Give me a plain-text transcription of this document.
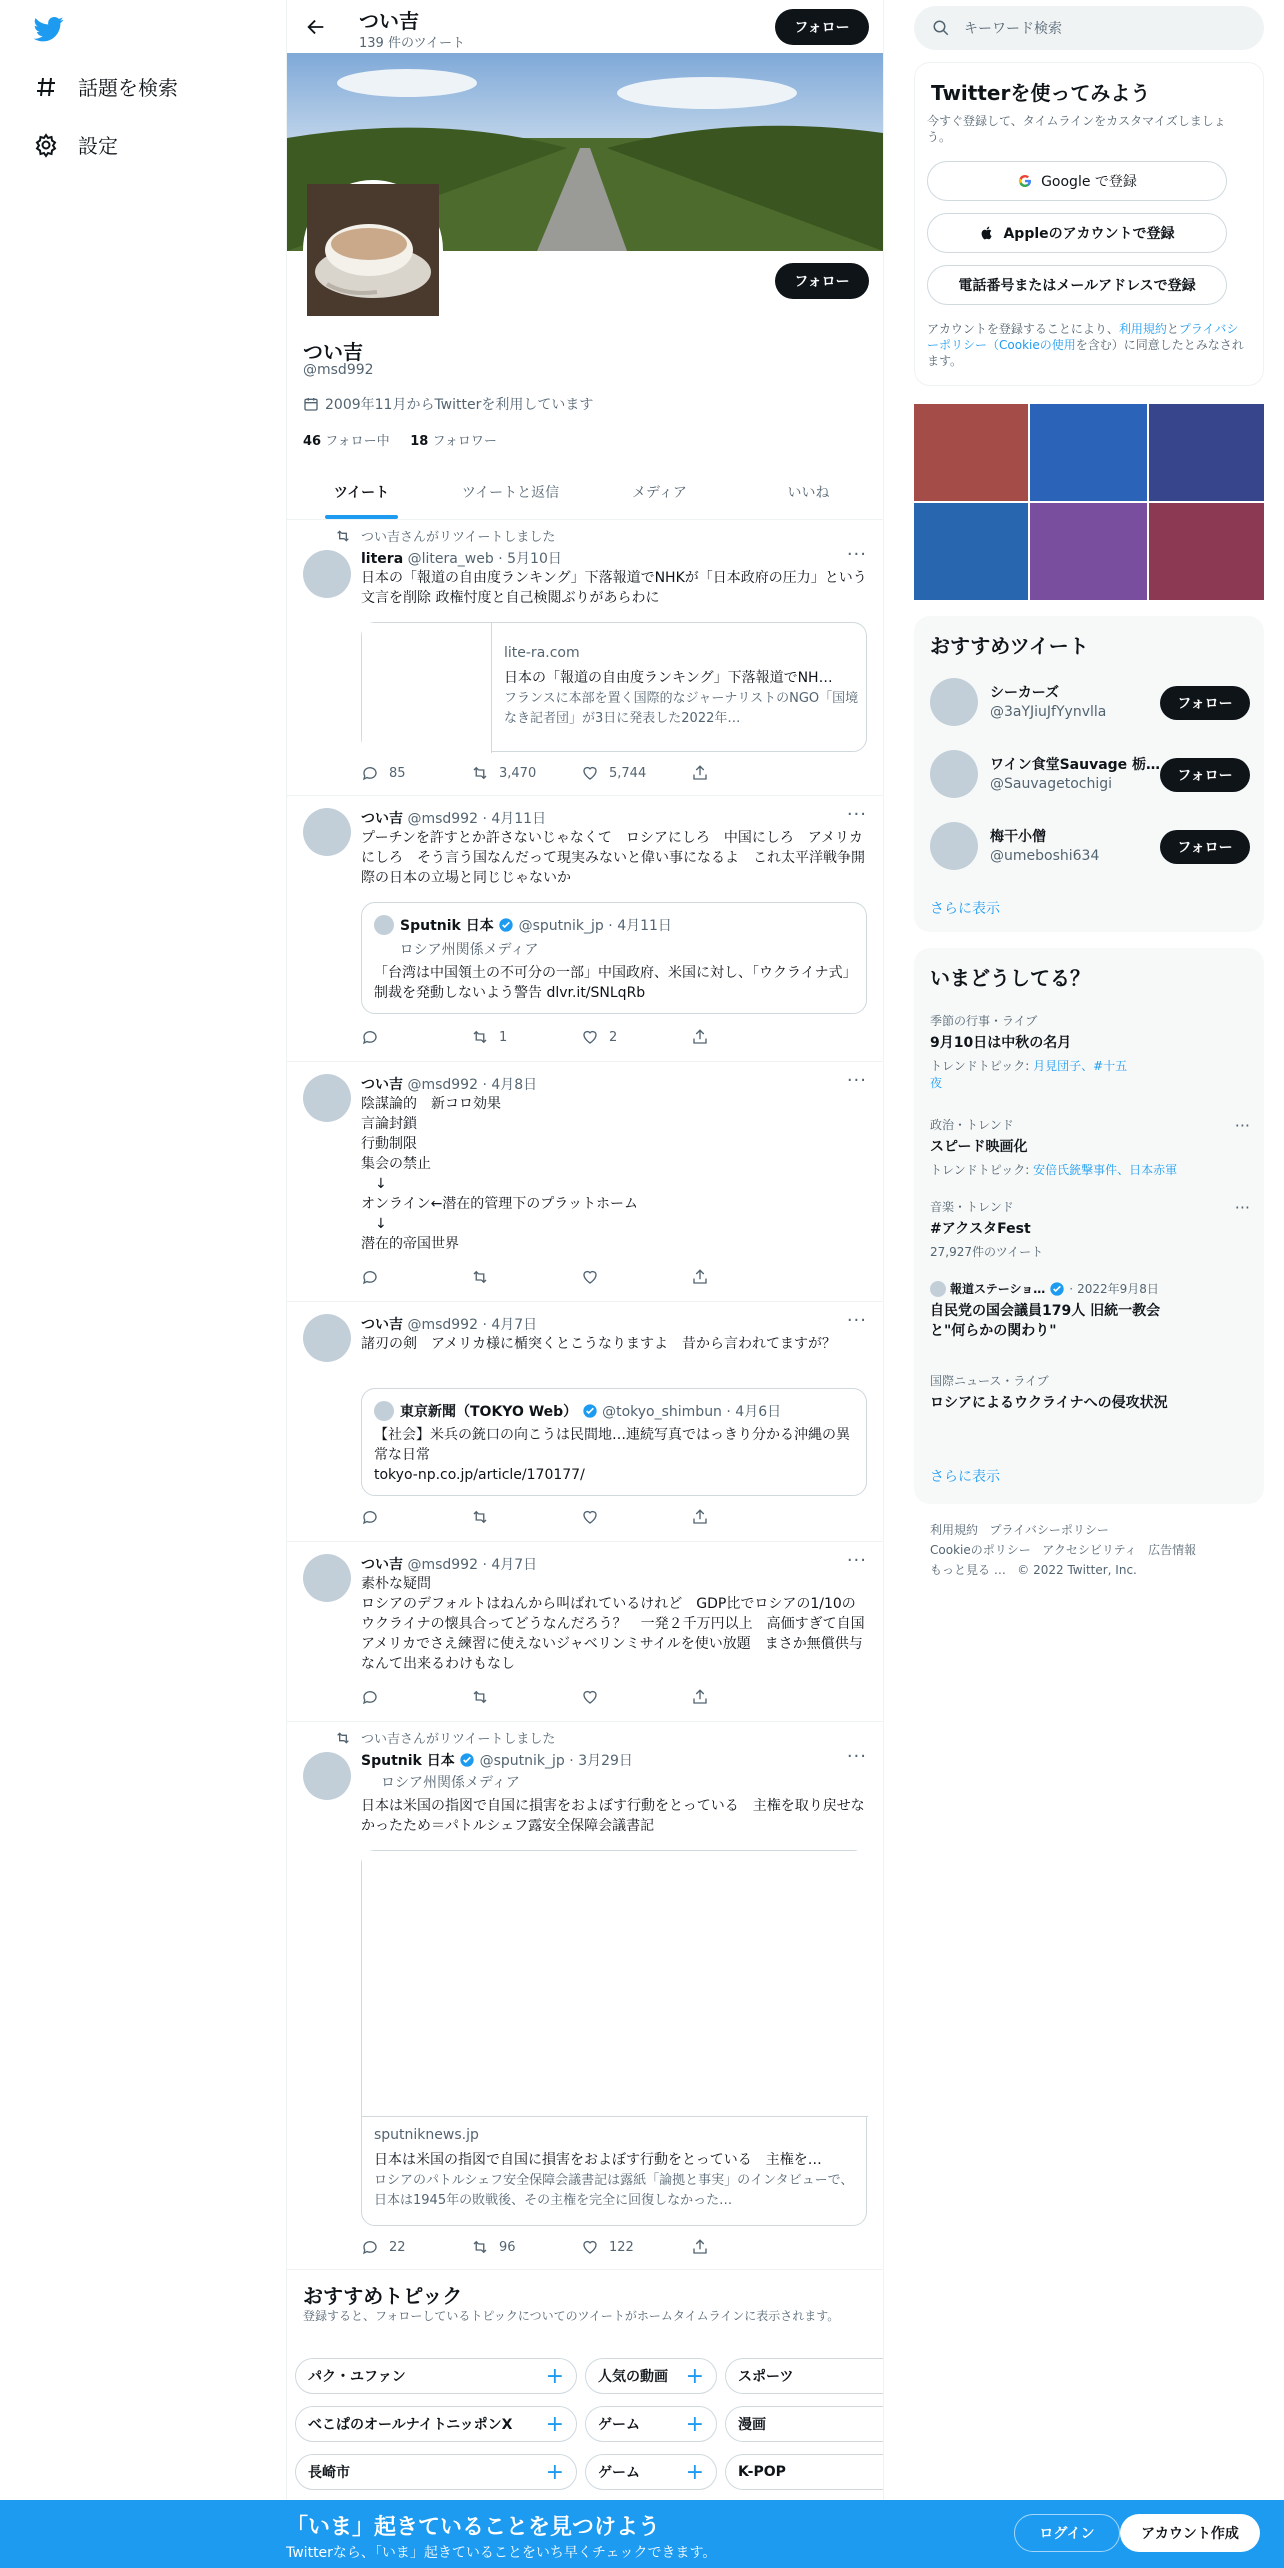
話題を検索
設定
つい吉
139 件のツイート
フォロー
フォロー
つい吉
@msd992
2009年11月からTwitterを利用しています
46 フォロー中 18 フォロワー
ツイート	ツイートと返信	メディア	いいね
つい吉さんがリツイートしました
litera @litera_web · 5月10日	···
日本の「報道の自由度ランキング」下落報道でNHKが「日本政府の圧力」という文言を削除 政権忖度と自己検閲ぶりがあらわに
lite-ra.com
日本の「報道の自由度ランキング」下落報道でNH…
フランスに本部を置く国際的なジャーナリストのNGO「国境なき記者団」が3日に発表した2022年…
85	3,470	5,744
つい吉 @msd992 · 4月11日	···
プーチンを許すとか許さないじゃなくて　ロシアにしろ　中国にしろ　アメリカにしろ　そう言う国なんだって現実みないと偉い事になるよ　これ太平洋戦争開際の日本の立場と同じじゃないか
Sputnik 日本 @sputnik_jp · 4月11日
ロシア州関係メディア
「台湾は中国領土の不可分の一部」中国政府、米国に対し、「ウクライナ式」制裁を発動しないよう警告 dlvr.it/SNLqRb
1	2
つい吉 @msd992 · 4月8日	···
陰謀論的　新コロ効果
言論封鎖
行動制限
集会の禁止
　↓
オンライン←潜在的管理下のプラットホーム
　↓
潜在的帝国世界
つい吉 @msd992 · 4月7日	···
諸刃の剣　アメリカ様に楯突くとこうなりますよ　昔から言われてますが？
東京新聞（TOKYO Web） @tokyo_shimbun · 4月6日
【社会】米兵の銃口の向こうは民間地…連続写真ではっきり分かる沖縄の異常な日常
tokyo-np.co.jp/article/170177/
つい吉 @msd992 · 4月7日	···
素朴な疑問
ロシアのデフォルトはねんから叫ばれているけれど　GDP比でロシアの1/10のウクライナの懐具合ってどうなんだろう？　一発２千万円以上　高価すぎて自国アメリカでさえ練習に使えないジャベリンミサイルを使い放題　まさか無償供与なんて出来るわけもなし
つい吉さんがリツイートしました
Sputnik 日本 @sputnik_jp · 3月29日	···
ロシア州関係メディア
日本は米国の指図で自国に損害をおよぼす行動をとっている　主権を取り戻せなかったため＝パトルシェフ露安全保障会議書記
sputniknews.jp
日本は米国の指図で自国に損害をおよぼす行動をとっている　主権を…
ロシアのパトルシェフ安全保障会議書記は露紙「論拠と事実」のインタビューで、日本は1945年の敗戦後、その主権を完全に回復しなかった…
22	96	122
おすすめトピック
登録すると、フォローしているトピックについてのツイートがホームタイムラインに表示されます。
パク・ユファン	+ 人気の動画 + スポーツ
べこぱのオールナイトニッポンX + ゲーム + 漫画
長崎市	+ ゲーム + K-POP
キーワード検索
Twitterを使ってみよう
今すぐ登録して、タイムラインをカスタマイズしましょう。
Google で登録
Appleのアカウントで登録
電話番号またはメールアドレスで登録
アカウントを登録することにより、利用規約とプライバシーポリシー（Cookieの使用を含む）に同意したとみなされます。
おすすめツイート
シーカーズ
@3aYJiuJfYynvlla	フォロー
ワイン食堂Sauvage 栃…
@Sauvagetochigi	フォロー
梅干小僧
@umeboshi634	フォロー
さらに表示
いまどうしてる？
季節の行事・ライブ
9月10日は中秋の名月
トレンドトピック: 月見団子、#十五夜
政治・トレンド
スピード映画化
トレンドトピック: 安倍氏銃撃事件、日本赤軍
···
音楽・トレンド
#アクスタFest
27,927件のツイート
···
報道ステーショ… · 2022年9月8日
自民党の国会議員179人 旧統一教会と"何らかの関わり"
国際ニュース・ライブ
ロシアによるウクライナへの侵攻状況
さらに表示
利用規約 プライバシーポリシー
Cookieのポリシー アクセシビリティ 広告情報
もっと見る … © 2022 Twitter, Inc.
「いま」起きていることを見つけよう
Twitterなら、「いま」起きていることをいち早くチェックできます。
ログイン	アカウント作成
